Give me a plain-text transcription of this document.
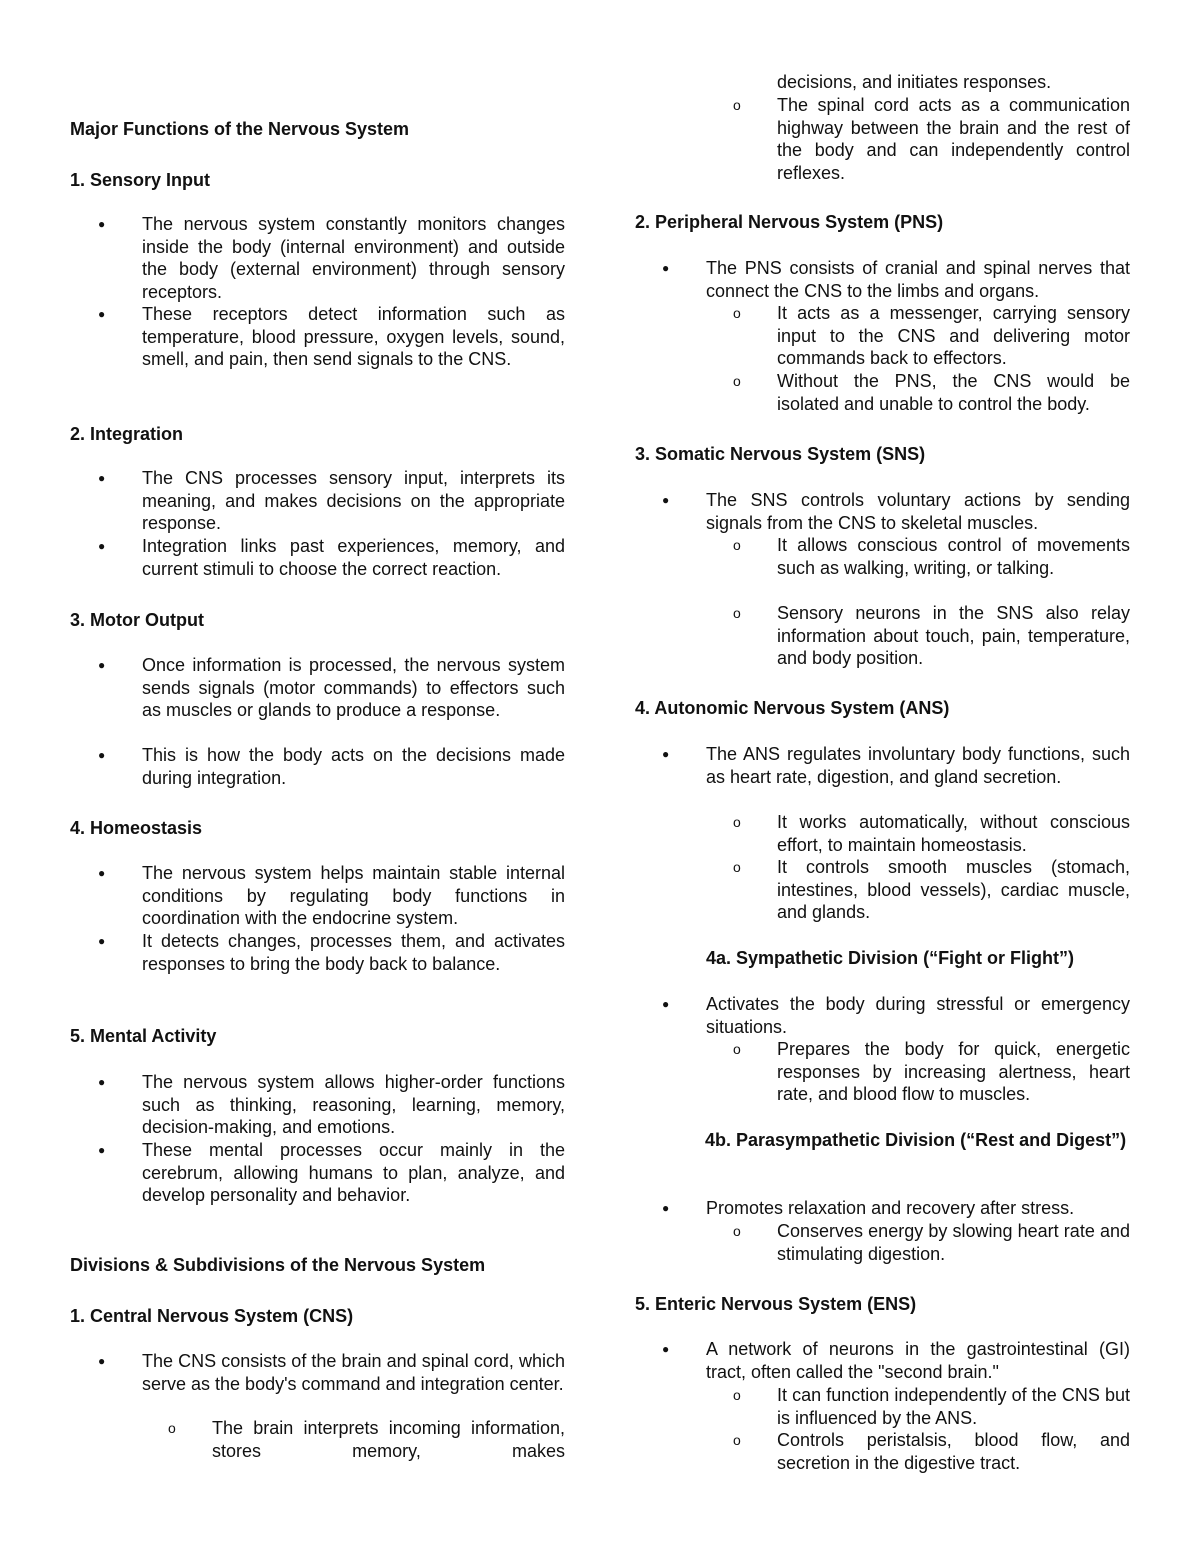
Major Functions of the Nervous System
1. Sensory Input
● The nervous system constantly monitors changes inside the body (internal environment) and outside the body (external environment) through sensory receptors.
● These receptors detect information such as temperature, blood pressure, oxygen levels, sound, smell, and pain, then send signals to the CNS.
2. Integration
● The CNS processes sensory input, interprets its meaning, and makes decisions on the appropriate response.
● Integration links past experiences, memory, and current stimuli to choose the correct reaction.
3. Motor Output
● Once information is processed, the nervous system sends signals (motor commands) to effectors such as muscles or glands to produce a response.
● This is how the body acts on the decisions made during integration.
4. Homeostasis
● The nervous system helps maintain stable internal conditions by regulating body functions in coordination with the endocrine system.
● It detects changes, processes them, and activates responses to bring the body back to balance.
5. Mental Activity
● The nervous system allows higher-order functions such as thinking, reasoning, learning, memory, decision-making, and emotions.
● These mental processes occur mainly in the cerebrum, allowing humans to plan, analyze, and develop personality and behavior.
Divisions & Subdivisions of the Nervous System
1. Central Nervous System (CNS)
● The CNS consists of the brain and spinal cord, which serve as the body's command and integration center.
o The brain interprets incoming information, stores memory, makes
decisions, and initiates responses.
o The spinal cord acts as a communication highway between the brain and the rest of the body and can independently control reflexes.
2. Peripheral Nervous System (PNS)
● The PNS consists of cranial and spinal nerves that connect the CNS to the limbs and organs.
o It acts as a messenger, carrying sensory input to the CNS and delivering motor commands back to effectors.
o Without the PNS, the CNS would be isolated and unable to control the body.
3. Somatic Nervous System (SNS)
● The SNS controls voluntary actions by sending signals from the CNS to skeletal muscles.
o It allows conscious control of movements such as walking, writing, or talking.
o Sensory neurons in the SNS also relay information about touch, pain, temperature, and body position.
4. Autonomic Nervous System (ANS)
● The ANS regulates involuntary body functions, such as heart rate, digestion, and gland secretion.
o It works automatically, without conscious effort, to maintain homeostasis.
o It controls smooth muscles (stomach, intestines, blood vessels), cardiac muscle, and glands.
4a. Sympathetic Division (“Fight or Flight”)
● Activates the body during stressful or emergency situations.
o Prepares the body for quick, energetic responses by increasing alertness, heart rate, and blood flow to muscles.
4b. Parasympathetic Division (“Rest and Digest”)
● Promotes relaxation and recovery after stress.
o Conserves energy by slowing heart rate and stimulating digestion.
5. Enteric Nervous System (ENS)
● A network of neurons in the gastrointestinal (GI) tract, often called the "second brain."
o It can function independently of the CNS but is influenced by the ANS.
o Controls peristalsis, blood flow, and secretion in the digestive tract.
